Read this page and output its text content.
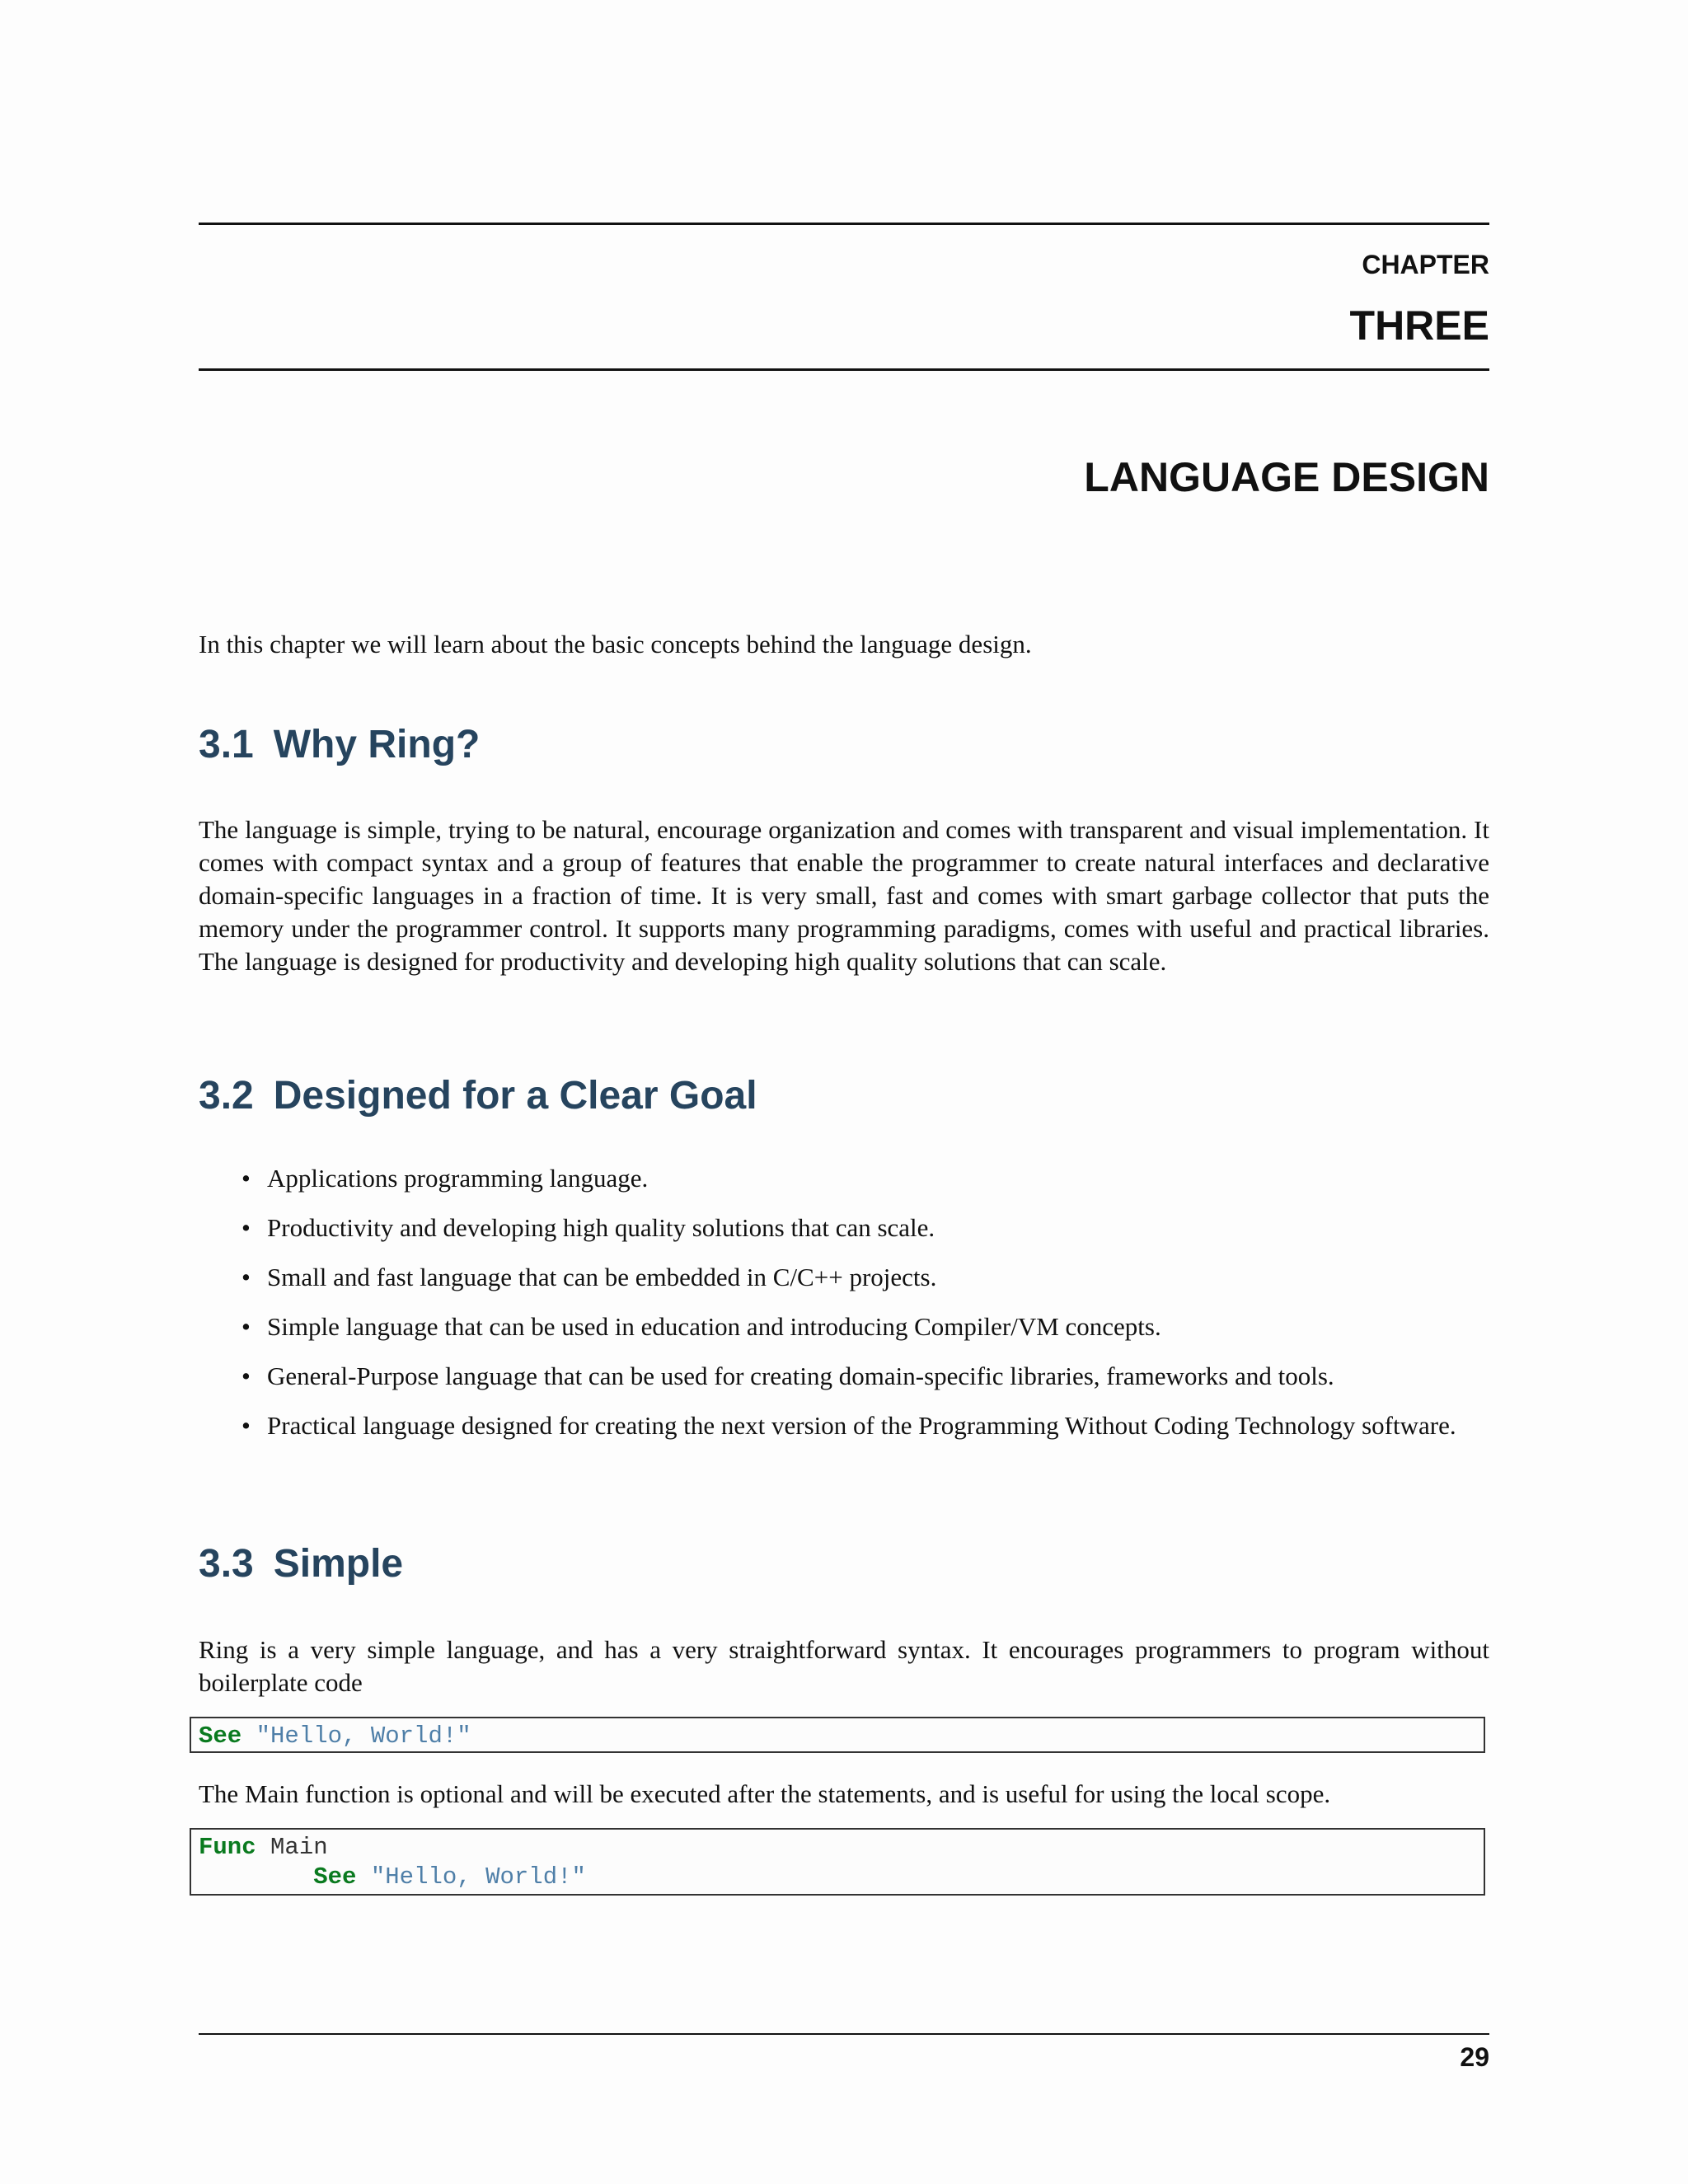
CHAPTER
THREE
LANGUAGE DESIGN

In this chapter we will learn about the basic concepts behind the language design.

3.1 Why Ring?

The language is simple, trying to be natural, encourage organization and comes with transparent and visual implementation. It comes with compact syntax and a group of features that enable the programmer to create natural interfaces and declarative domain-specific languages in a fraction of time. It is very small, fast and comes with smart garbage collector that puts the memory under the programmer control. It supports many programming paradigms, comes with useful and practical libraries. The language is designed for productivity and developing high quality solutions that can scale.

3.2 Designed for a Clear Goal
• Applications programming language.
• Productivity and developing high quality solutions that can scale.
• Small and fast language that can be embedded in C/C++ projects.
• Simple language that can be used in education and introducing Compiler/VM concepts.
• General-Purpose language that can be used for creating domain-specific libraries, frameworks and tools.
• Practical language designed for creating the next version of the Programming Without Coding Technology software.
3.3 Simple

Ring is a very simple language, and has a very straightforward syntax. It encourages programmers to program without boilerplate code

See "Hello, World!"

The Main function is optional and will be executed after the statements, and is useful for using the local scope.

Func Main
See "Hello, World!"
29
